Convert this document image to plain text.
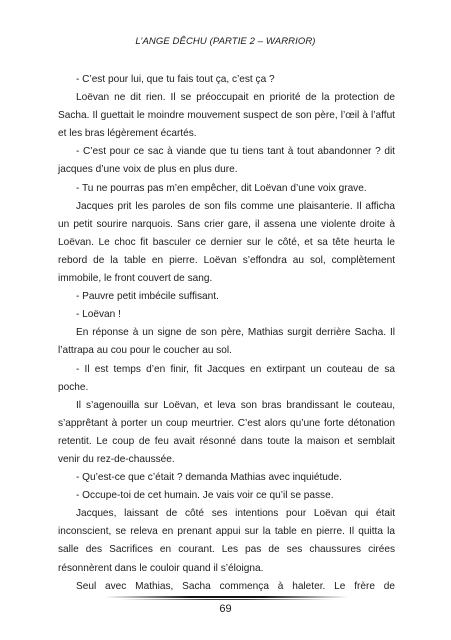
L’ANGE DÊCHU (PARTIE 2 – WARRIOR)

- C’est pour lui, que tu fais tout ça, c’est ça ?

Loëvan ne dit rien. Il se préoccupait en priorité de la protection de Sacha. Il guettait le moindre mouvement suspect de son père, l’œil à l’affut et les bras légèrement écartés.

- C’est pour ce sac à viande que tu tiens tant à tout abandonner ? dit jacques d’une voix de plus en plus dure.

- Tu ne pourras pas m’en empêcher, dit Loëvan d’une voix grave.

Jacques prit les paroles de son fils comme une plaisanterie. Il afficha un petit sourire narquois. Sans crier gare, il assena une violente droite à Loëvan. Le choc fit basculer ce dernier sur le côté, et sa tête heurta le rebord de la table en pierre. Loëvan s’effondra au sol, complètement immobile, le front couvert de sang.

- Pauvre petit imbécile suffisant.

- Loëvan !

En réponse à un signe de son père, Mathias surgit derrière Sacha. Il l’attrapa au cou pour le coucher au sol.

- Il est temps d’en finir, fit Jacques en extirpant un couteau de sa poche.

Il s’agenouilla sur Loëvan, et leva son bras brandissant le couteau, s’apprêtant à porter un coup meurtrier. C’est alors qu’une forte détonation retentit. Le coup de feu avait résonné dans toute la maison et semblait venir du rez-de-chaussée.

- Qu’est-ce que c’était ? demanda Mathias avec inquiétude.

- Occupe-toi de cet humain. Je vais voir ce qu’il se passe.

Jacques, laissant de côté ses intentions pour Loëvan qui était inconscient, se releva en prenant appui sur la table en pierre. Il quitta la salle des Sacrifices en courant. Les pas de ses chaussures cirées résonnèrent dans le couloir quand il s’éloigna.

Seul avec Mathias, Sacha commença à haleter. Le frère de

69
